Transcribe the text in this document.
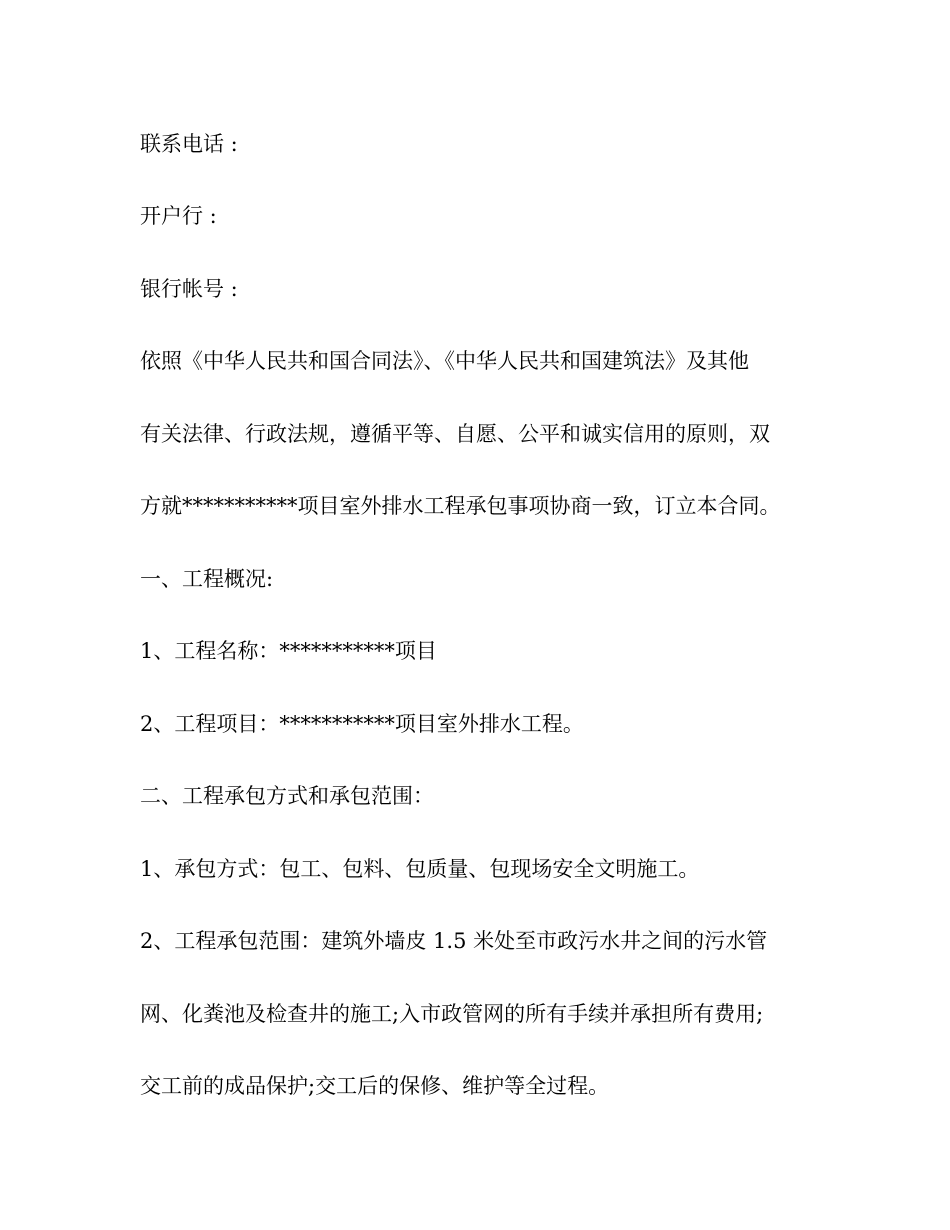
联系电话 :
开户行 :
银行帐号 :
依照《中华人民共和国合同法》、《中华人民共和国建筑法》及其他
有关法律、行政法规，遵循平等、自愿、公平和诚实信用的原则，双
方就***********项目室外排水工程承包事项协商一致，订立本合同。
一、工程概况:
1、工程名称：***********项目
2、工程项目：***********项目室外排水工程。
二、工程承包方式和承包范围：
1、承包方式：包工、包料、包质量、包现场安全文明施工。
2、工程承包范围：建筑外墙皮 1.5 米处至市政污水井之间的污水管
网、化粪池及检查井的施工;入市政管网的所有手续并承担所有费用;
交工前的成品保护;交工后的保修、维护等全过程。
